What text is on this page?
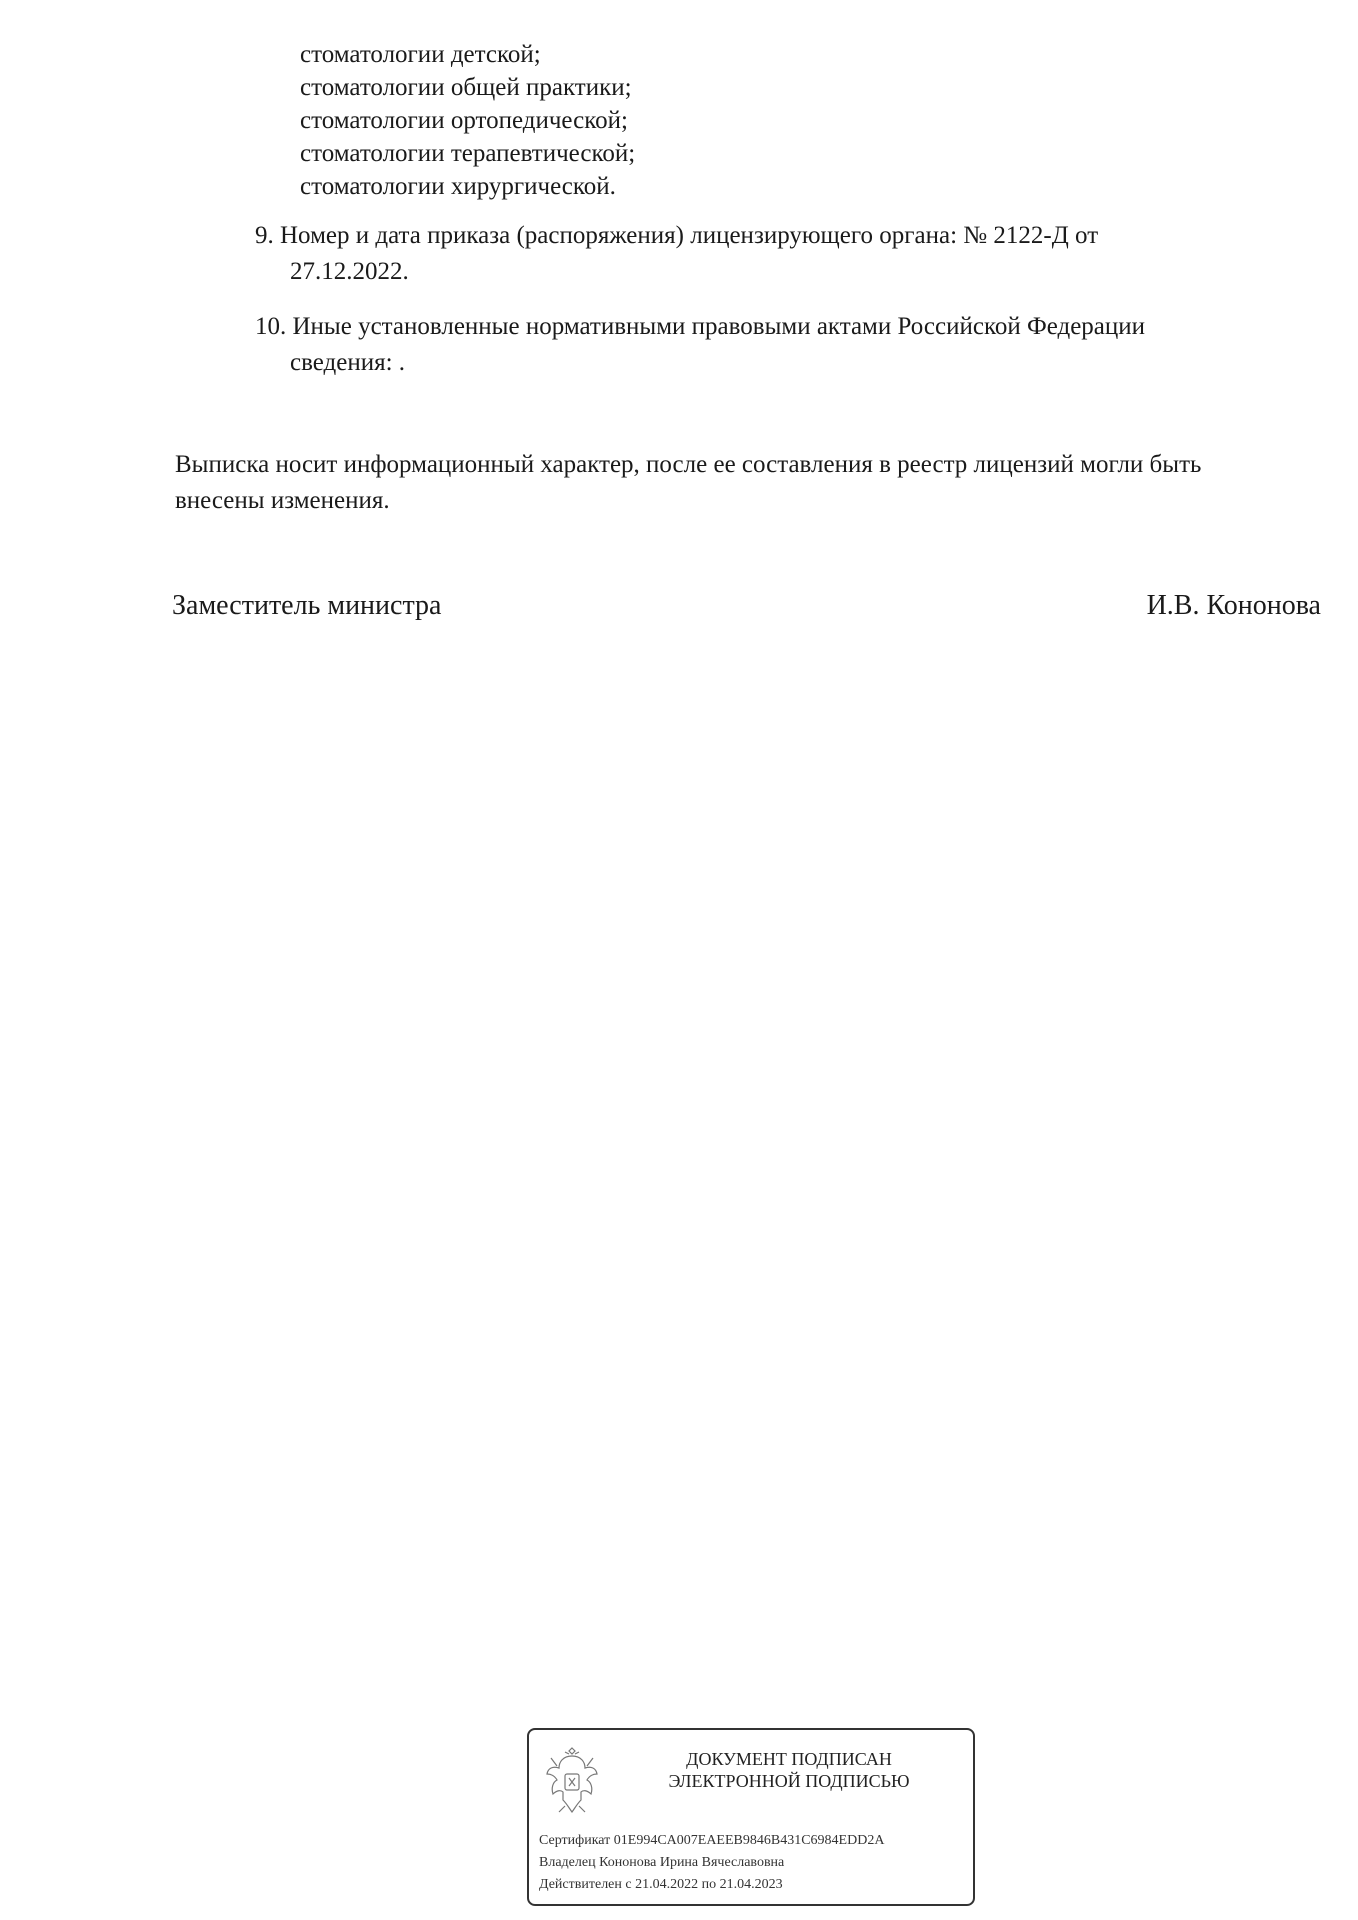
стоматологии детской;
стоматологии общей практики;
стоматологии ортопедической;
стоматологии терапевтической;
стоматологии хирургической.
9. Номер и дата приказа (распоряжения) лицензирующего органа: № 2122-Д от
27.12.2022.
10. Иные установленные нормативными правовыми актами Российской Федерации
сведения: .
Выписка носит информационный характер, после ее составления в реестр лицензий могли быть
внесены изменения.
Заместитель министра	И.В. Кононова
ДОКУМЕНТ ПОДПИСАН
ЭЛЕКТРОННОЙ ПОДПИСЬЮ
Сертификат 01E994CA007EAEEB9846B431C6984EDD2A
Владелец Кононова Ирина Вячеславовна
Действителен с 21.04.2022 по 21.04.2023
